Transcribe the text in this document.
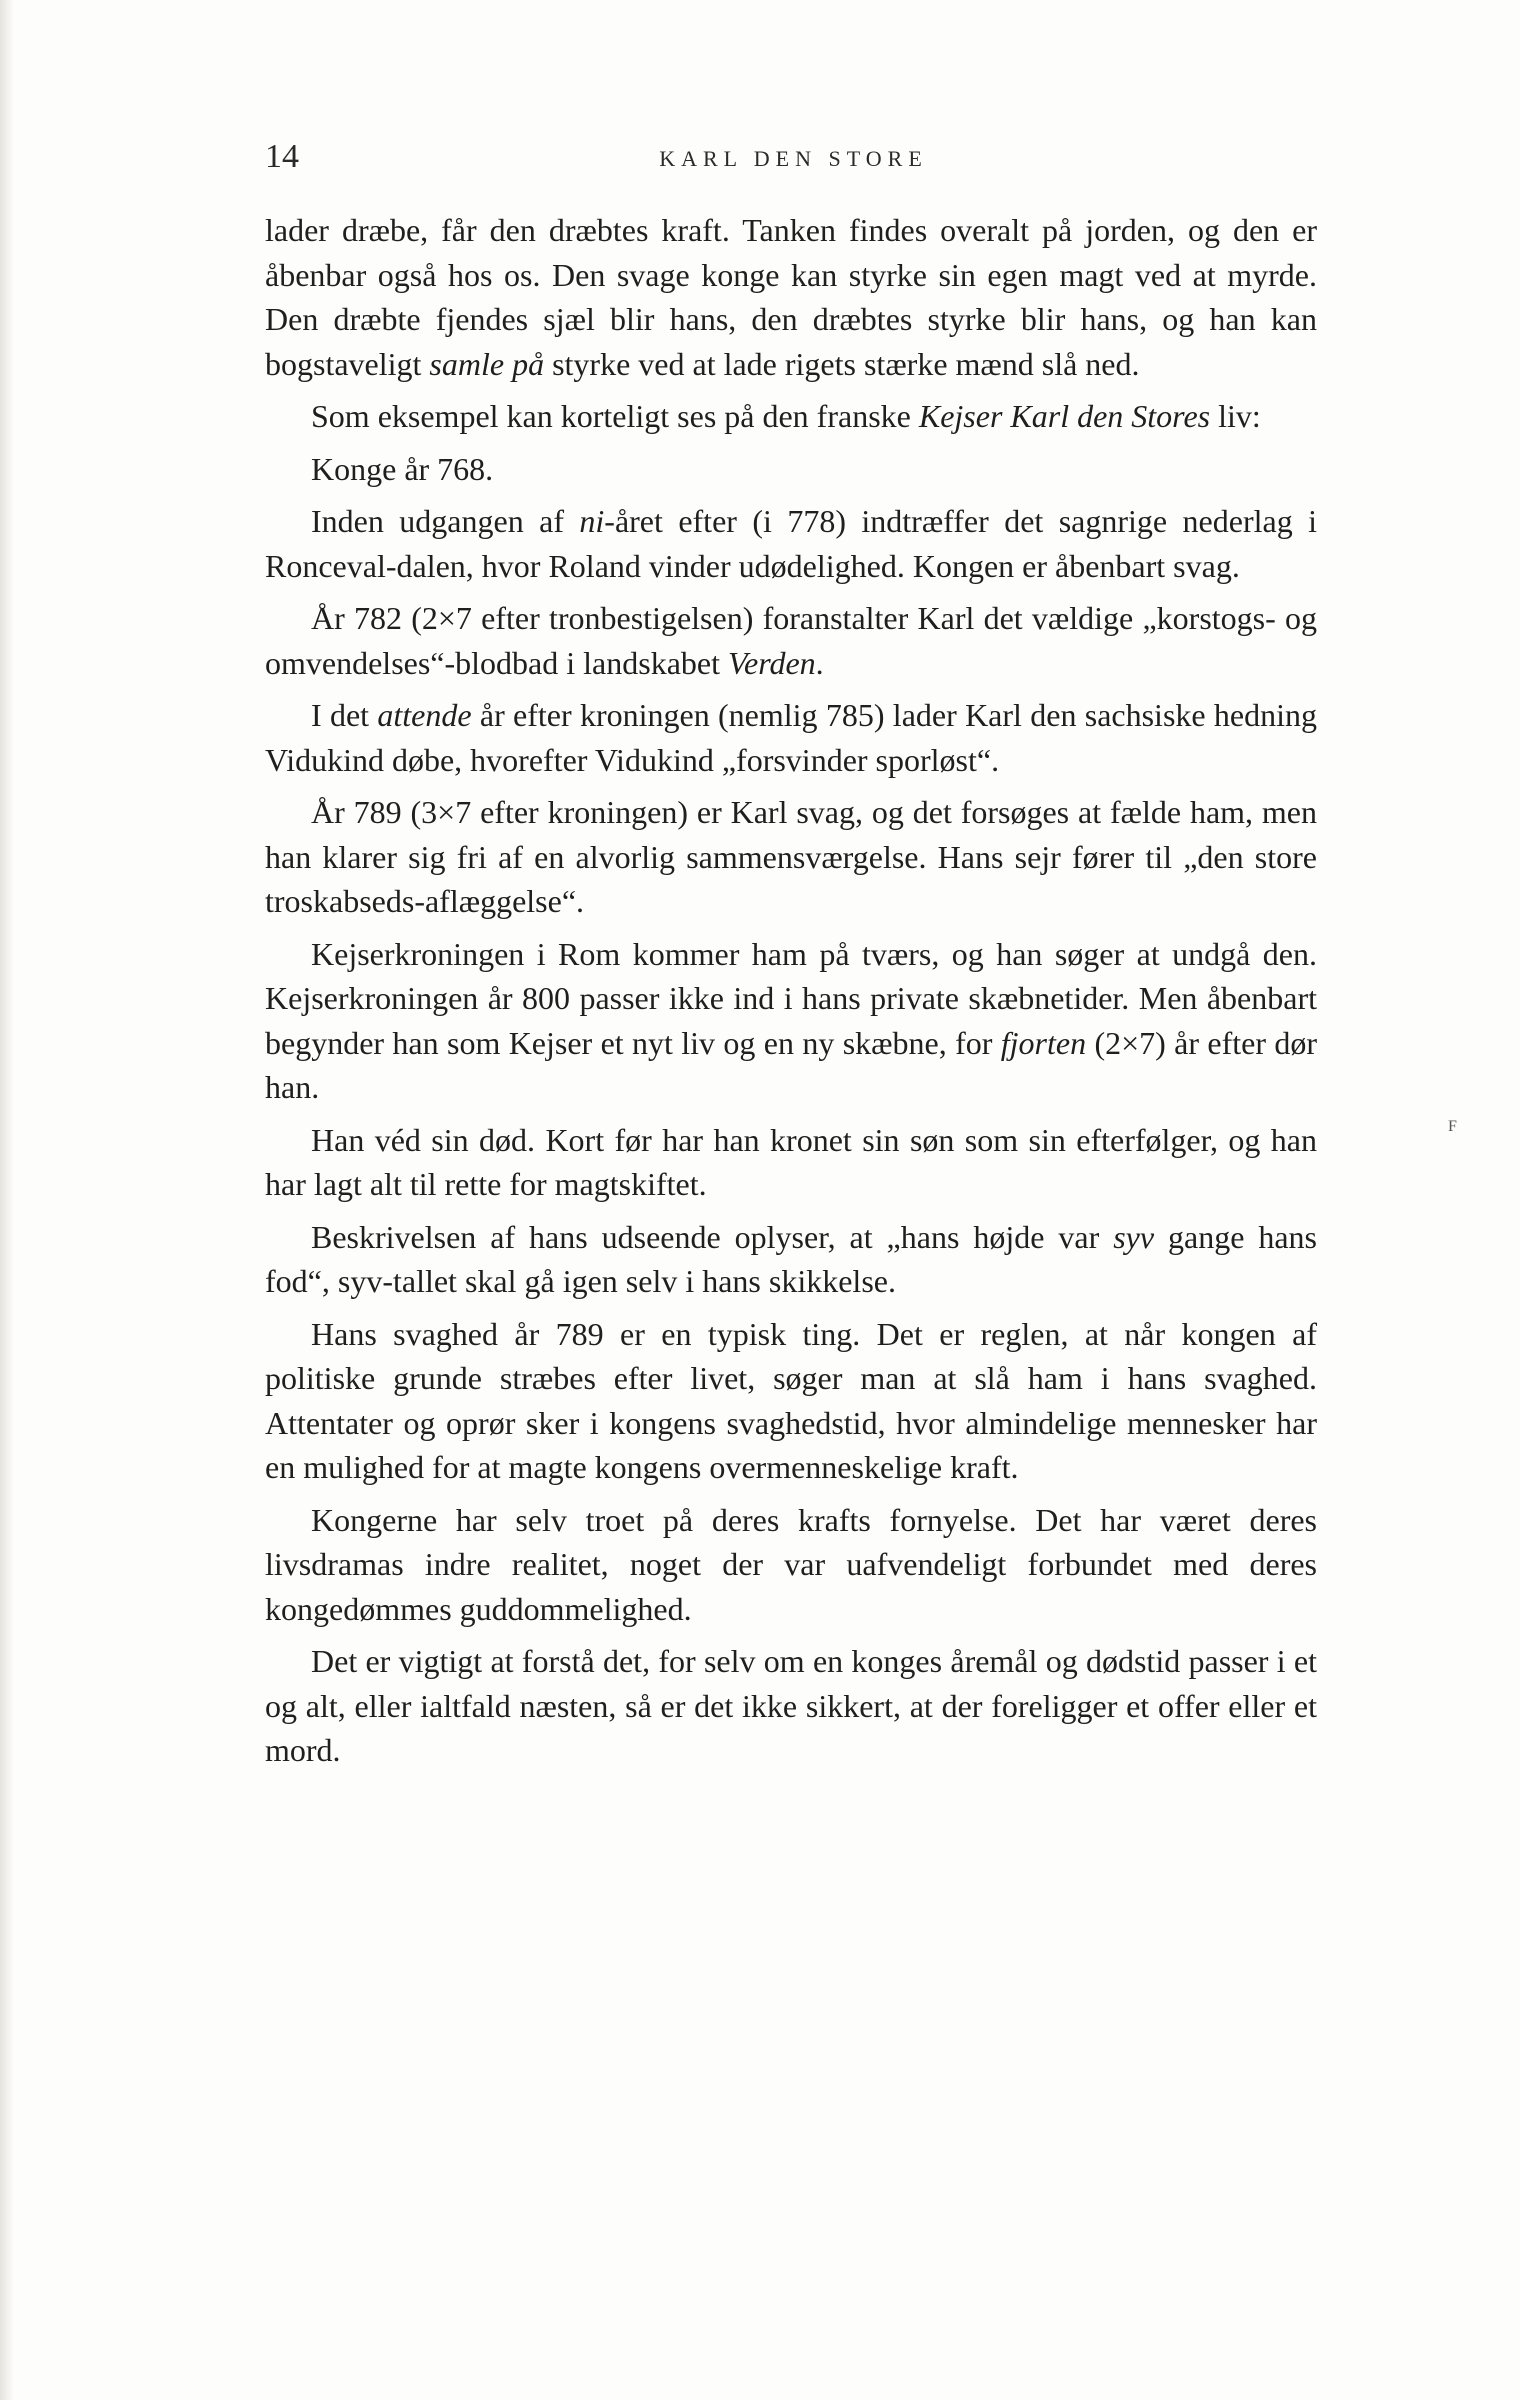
14	KARL DEN STORE

lader dræbe, får den dræbtes kraft. Tanken findes overalt på jorden, og den er åbenbar også hos os. Den svage konge kan styrke sin egen magt ved at myrde. Den dræbte fjendes sjæl blir hans, den dræbtes styrke blir hans, og han kan bogstaveligt samle på styrke ved at lade rigets stærke mænd slå ned.

Som eksempel kan korteligt ses på den franske Kejser Karl den Stores liv:

Konge år 768.

Inden udgangen af ni-året efter (i 778) indtræffer det sagnrige nederlag i Ronceval-dalen, hvor Roland vinder udødelighed. Kongen er åbenbart svag.

År 782 (2×7 efter tronbestigelsen) foranstalter Karl det vældige „korstogs- og omvendelses“-blodbad i landskabet Verden.

I det attende år efter kroningen (nemlig 785) lader Karl den sachsiske hedning Vidukind døbe, hvorefter Vidukind „forsvinder sporløst“.

År 789 (3×7 efter kroningen) er Karl svag, og det forsøges at fælde ham, men han klarer sig fri af en alvorlig sammensværgelse. Hans sejr fører til „den store troskabseds-aflæggelse“.

Kejserkroningen i Rom kommer ham på tværs, og han søger at undgå den. Kejserkroningen år 800 passer ikke ind i hans private skæbnetider. Men åbenbart begynder han som Kejser et nyt liv og en ny skæbne, for fjorten (2×7) år efter dør han.

Han véd sin død. Kort før har han kronet sin søn som sin efterfølger, og han har lagt alt til rette for magtskiftet.

Beskrivelsen af hans udseende oplyser, at „hans højde var syv gange hans fod“, syv-tallet skal gå igen selv i hans skikkelse.

Hans svaghed år 789 er en typisk ting. Det er reglen, at når kongen af politiske grunde stræbes efter livet, søger man at slå ham i hans svaghed. Attentater og oprør sker i kongens svaghedstid, hvor almindelige mennesker har en mulighed for at magte kongens overmenneskelige kraft.

Kongerne har selv troet på deres krafts fornyelse. Det har været deres livsdramas indre realitet, noget der var uafvendeligt forbundet med deres kongedømmes guddommelighed.

Det er vigtigt at forstå det, for selv om en konges åremål og dødstid passer i et og alt, eller ialtfald næsten, så er det ikke sikkert, at der foreligger et offer eller et mord.

F
